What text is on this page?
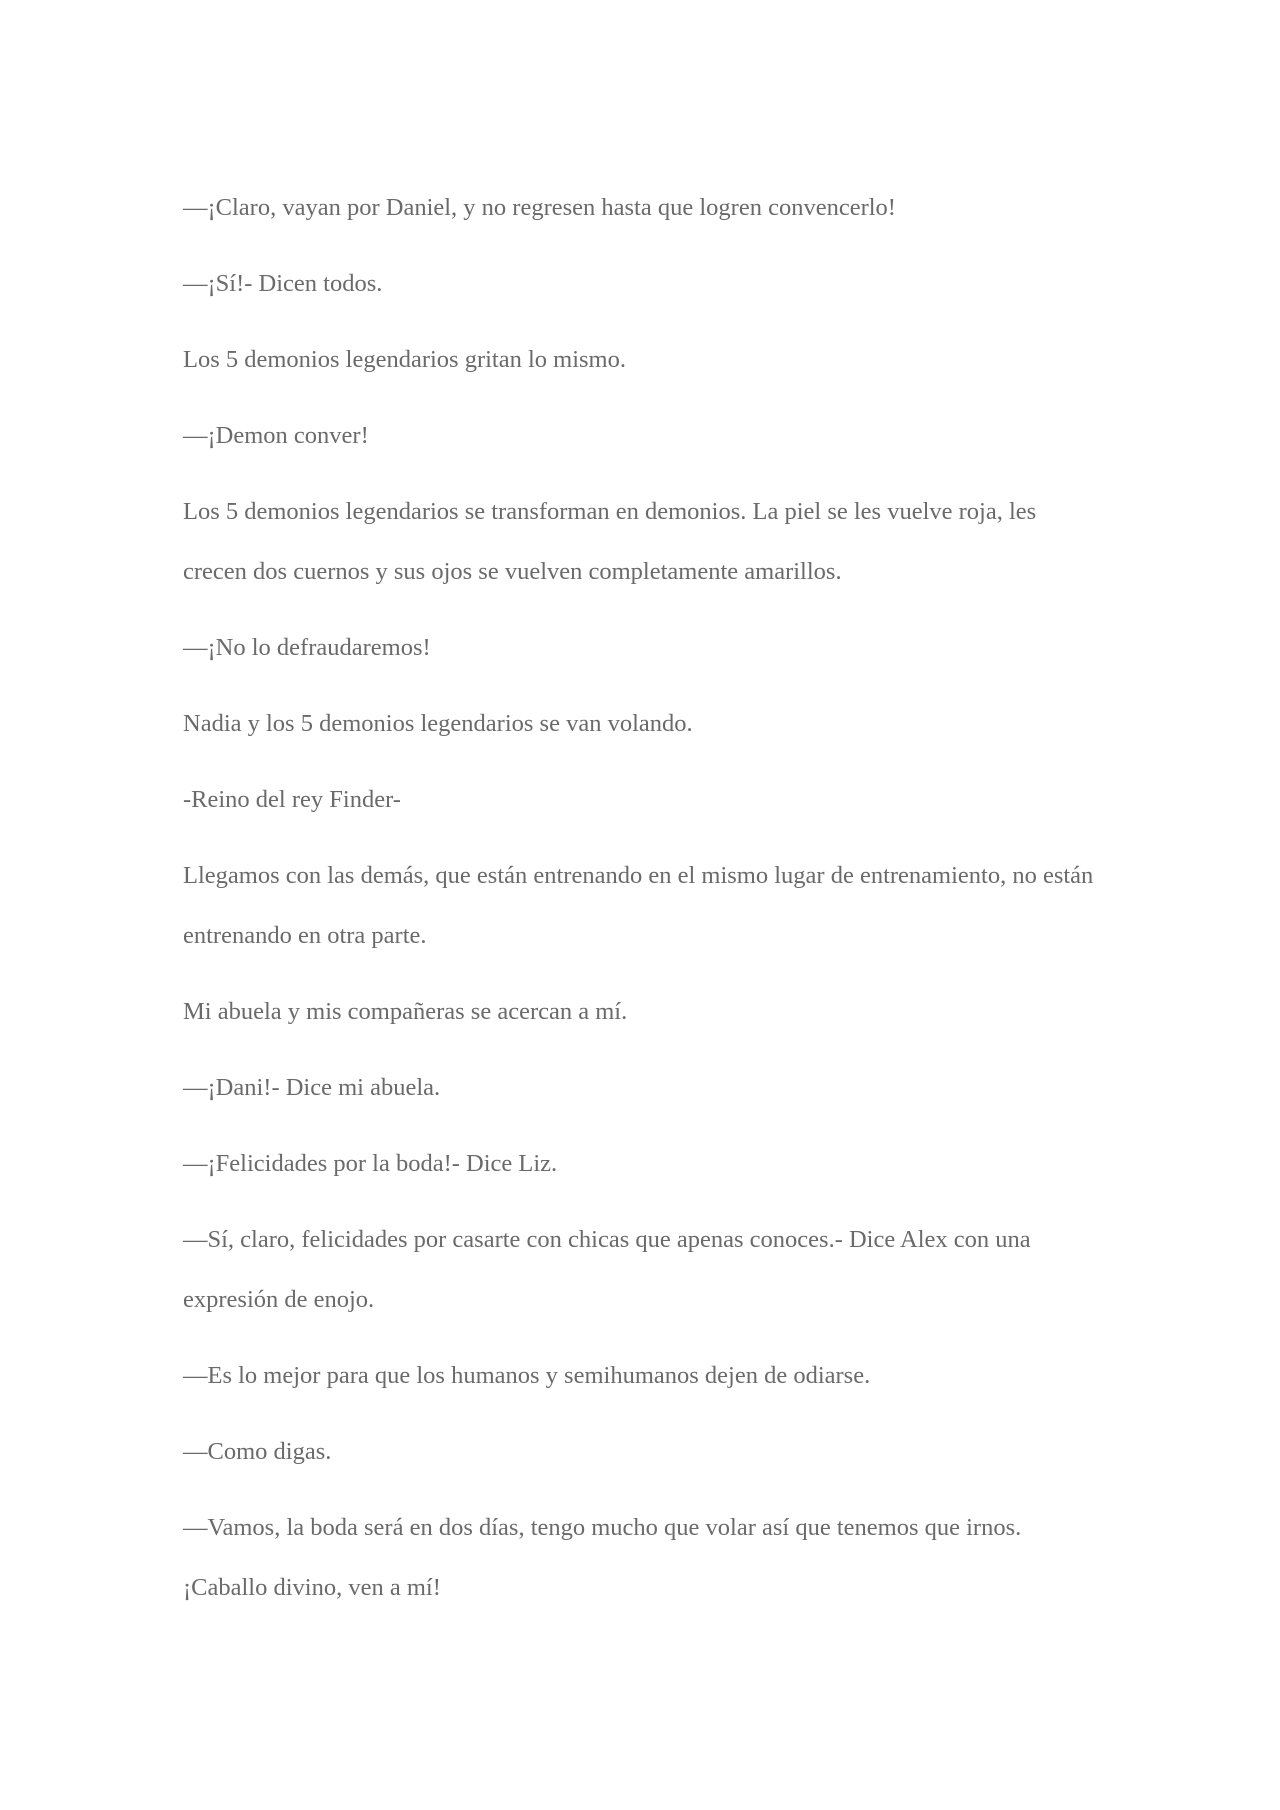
—¡Claro, vayan por Daniel, y no regresen hasta que logren convencerlo!

—¡Sí!- Dicen todos.

Los 5 demonios legendarios gritan lo mismo.

—¡Demon conver!

Los 5 demonios legendarios se transforman en demonios. La piel se les vuelve roja, les crecen dos cuernos y sus ojos se vuelven completamente amarillos.

—¡No lo defraudaremos!

Nadia y los 5 demonios legendarios se van volando.

-Reino del rey Finder-

Llegamos con las demás, que están entrenando en el mismo lugar de entrenamiento, no están entrenando en otra parte.

Mi abuela y mis compañeras se acercan a mí.

—¡Dani!- Dice mi abuela.

—¡Felicidades por la boda!- Dice Liz.

—Sí, claro, felicidades por casarte con chicas que apenas conoces.- Dice Alex con una expresión de enojo.

—Es lo mejor para que los humanos y semihumanos dejen de odiarse.

—Como digas.

—Vamos, la boda será en dos días, tengo mucho que volar así que tenemos que irnos. ¡Caballo divino, ven a mí!
